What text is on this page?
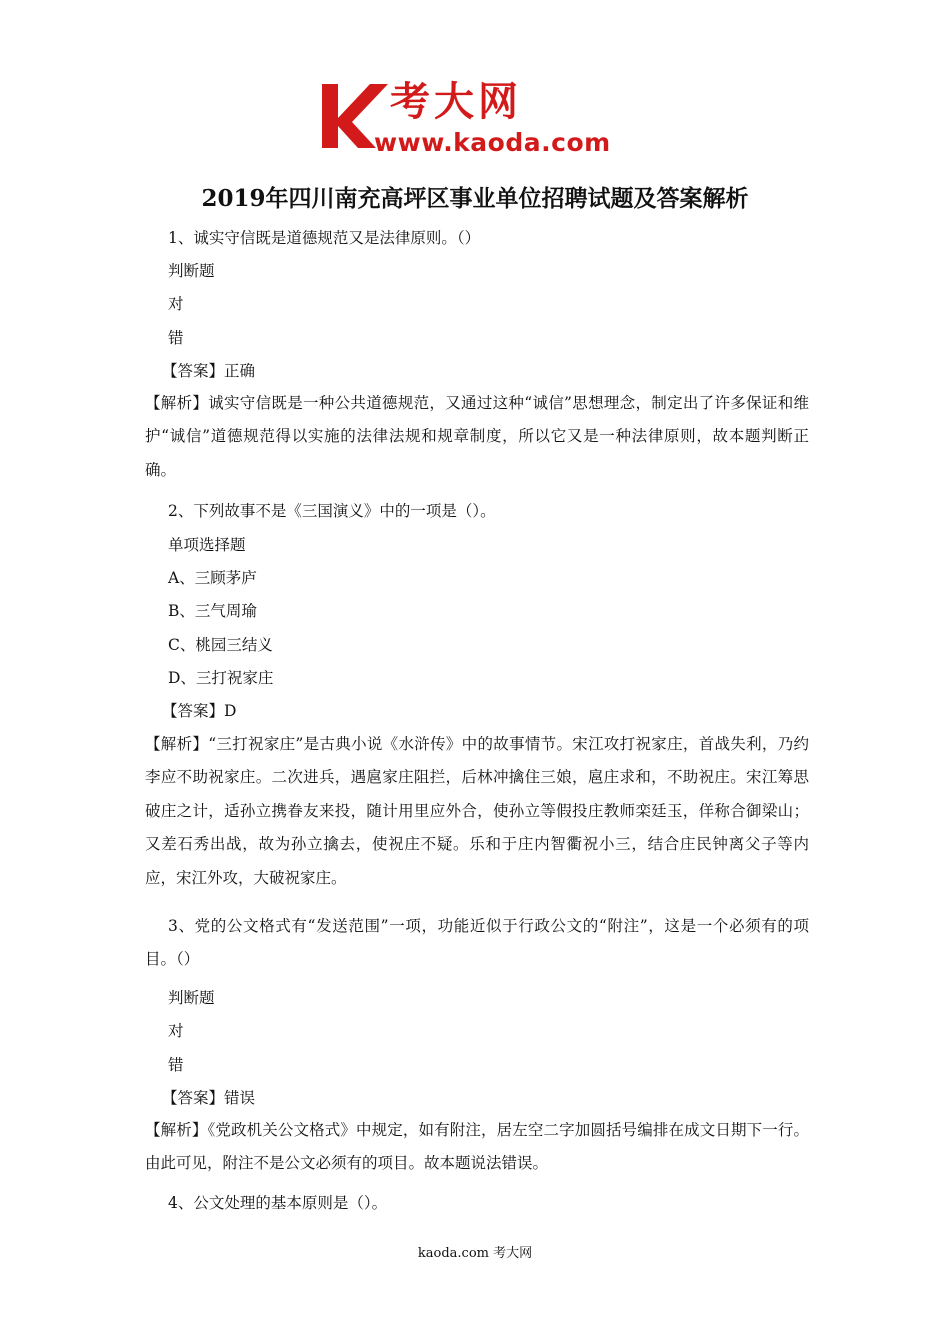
考大网
www.kaoda.com
2019年四川南充高坪区事业单位招聘试题及答案解析
1、诚实守信既是道德规范又是法律原则。（）
判断题
对
错
【答案】正确
【解析】诚实守信既是一种公共道德规范，又通过这种“诚信”思想理念，制定出了许多保证和维护“诚信”道德规范得以实施的法律法规和规章制度，所以它又是一种法律原则，故本题判断正确。
2、下列故事不是《三国演义》中的一项是（）。
单项选择题
A、三顾茅庐
B、三气周瑜
C、桃园三结义
D、三打祝家庄
【答案】D
【解析】“三打祝家庄”是古典小说《水浒传》中的故事情节。宋江攻打祝家庄，首战失利，乃约李应不助祝家庄。二次进兵，遇扈家庄阻拦，后林冲擒住三娘，扈庄求和，不助祝庄。宋江筹思破庄之计，适孙立携眷友来投，随计用里应外合，使孙立等假投庄教师栾廷玉，佯称合御梁山；又差石秀出战，故为孙立擒去，使祝庄不疑。乐和于庄内智衢祝小三，结合庄民钟离父子等内应，宋江外攻，大破祝家庄。
3、党的公文格式有“发送范围”一项，功能近似于行政公文的“附注”，这是一个必须有的项目。（）
判断题
对
错
【答案】错误
【解析】《党政机关公文格式》中规定，如有附注，居左空二字加圆括号编排在成文日期下一行。由此可见，附注不是公文必须有的项目。故本题说法错误。
4、公文处理的基本原则是（）。
kaoda.com 考大网
